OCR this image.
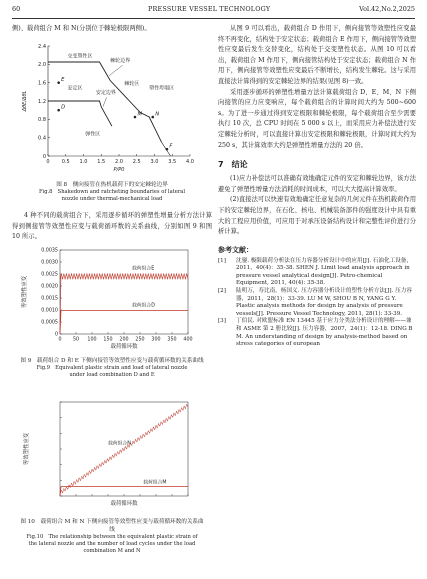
60	PRESSURE VESSEL TECHNOLOGY	Vol.42,No.2,2025

侧)、载荷组合 M 和 N(分别位于棘轮极限两侧)。

0 0.5 1.0 1.5 2.0 2.5 3.0 3.5 4.0
0
0.4
0.8
1.2
1.6
2.0
2.4
P/P0
ΔθE/ΔθL	D
E
M	N
F
交变塑性区
棘轮边界
棘轮区
安定区
安定边界
塑性垮塌区
弹性区
图 8　侧向接管在热机载荷下的安定棘轮边界
Fig.8　Shakedown and ratcheting boundaries of lateral nozzle under thermal-mechanical load

4 种不同的载荷组合下，采用逐步循环的弹塑性增量分析方法计算得到侧接管等效塑性应变与载荷循环数的关系曲线，分别如图 9 和图 10 所示。

0 50 100 150 200 250 300 350 400
0
0.0005
0.0010
0.0015
0.0020
0.0025
0.0030
0.0035
载荷循环数
等效塑性应变
载荷组合E
载荷组合D
图 9　载荷组合 D 和 E 下侧向接管等效塑性应变与载荷循环数的关系曲线
Fig.9　Equivalent plastic strain and load of lateral nozzle under load combination D and E
载荷循环数
等效塑性应变	载荷组合N
载荷组合M
图 10　载荷组合 M 和 N 下侧向接管等效塑性应变与载荷循环数的关系曲线
Fig.10　The relationship between the equivalent plastic strain of the lateral nozzle and the number of load cycles under the load combination M and N

从图 9 可以看出，载荷组合 D 作用下，侧向接管等效塑性应变最终不再变化，结构处于安定状态；载荷组合 E 作用下，侧向接管等效塑性应变最后发生交替变化，结构处于交变塑性状态。从图 10 可以看出，载荷组合 M 作用下，侧向接管结构处于安定状态；载荷组合 N 作用下，侧向接管等效塑性应变最后不断增长，结构发生棘轮。这与采用直接法计算得到的安定棘轮边界的结果(见图 8)一致。

采用逐步循环的弹塑性增量方法计算载荷组合 D、E、M、N 下侧向接管的应力应变响应，每个载荷组合的计算时间大约为 500~600 s。为了进一步通过得到安定极限和棘轮极限，每个载荷组合至少需要执行 10 次，总 CPU 时间在 5 000 s 以上，而采用应力补偿法进行安定棘轮分析时，可以直接计算出安定极限和棘轮极限，计算时间大约为 250 s，其计算效率大约是弹塑性增量方法的 20 倍。

7　结论

(1)应力补偿法可以准确有效地确定元件的安定和棘轮边界，该方法避免了弹塑性增量方法消耗的时间成本，可以大大提高计算效率。

(2)直接法可以快速有效地确定任意复杂的几何元件在热机载荷作用下的安定棘轮边界，在石化、核电、机械装备部件的强度设计中具有重大的工程应用价值，可应用于对承压设备结构设计和完整性评价进行分析计算。

参考文献：
[1] 沈鋆. 极限载荷分析法在压力容器分析设计中的应用[J]. 石油化工设备，2011，40(4)：35-38. SHEN J. Limit load analysis approach in pressure vessel analytical design[J]. Petro-chemical Equipment, 2011, 40(4): 35-38.
[2] 陆明万，寿比南，杨国义. 压力容器分析设计的塑性分析方法[J]. 压力容器，2011，28(1)：33-39. LU M W, SHOU B N, YANG G Y. Plastic analysis methods for design by analysis of pressure vessels[J]. Pressure Vessel Technology, 2011, 28(1): 33-39.
[3] 丁伯民. 对欧盟标准 EN 13445 基于应力分类法分析设计的理解——兼和 ASME 第 2 册比较[J]. 压力容器，2007，24(1)：12-18. DING B M. An understanding of design by analysis-method based on stress categories of european
